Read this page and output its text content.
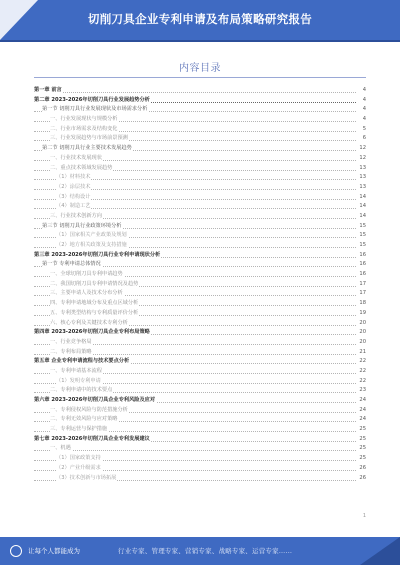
切削刀具企业专利申请及布局策略研究报告
内容目录
第一章 前言	4
第二章 2023-2026年切削刀具行业发展趋势分析	4
第一节 切削刀具行业发展现状及市场需求分析	4
一、行业发展现状与规模分析	4
二、行业市场需求及结构变化	5
三、行业发展趋势与市场前景预测	6
第二节 切削刀具行业主要技术发展趋势	12
一、行业技术发展现状	12
二、重点技术领域发展趋势	13
（1）材料技术	13
（2）涂层技术	13
（3）结构设计	14
（4）制造工艺	14
三、行业技术创新方向	14
第三节 切削刀具行业政策环境分析	15
（1）国家相关产业政策及规划	15
（2）地方相关政策及支持措施	15
第三章 2023-2026年切削刀具行业专利申请现状分析	16
第一节 专利申请总体情况	16
一、全球切削刀具专利申请趋势	16
二、我国切削刀具专利申请情况及趋势	17
三、主要申请人及技术分布分析	17
四、专利申请地域分布及重点区域分析	18
五、专利类型结构与专利质量评价分析	19
六、核心专利及关键技术专利分析	20
第四章 2023-2026年切削刀具企业专利布局策略	20
一、行业竞争格局	20
二、专利布局策略	21
第五章 企业专利申请流程与技术要点分析	22
一、专利申请基本流程	22
（1）发明专利申请	22
二、专利申请中的技术要点	23
第六章 2023-2026年切削刀具企业专利风险及应对	24
一、专利侵权风险与防范措施分析	24
二、专利无效风险与应对策略	24
三、专利运营与保护措施	25
第七章 2023-2026年切削刀具企业专利发展建议	25
一、机遇	25
（1）国家政策支持	25
（2）产业升级需求	26
（3）技术创新与市场拓展	26
1
让每个人都能成为	行业专家、管理专家、营销专家、战略专家、运营专家……
